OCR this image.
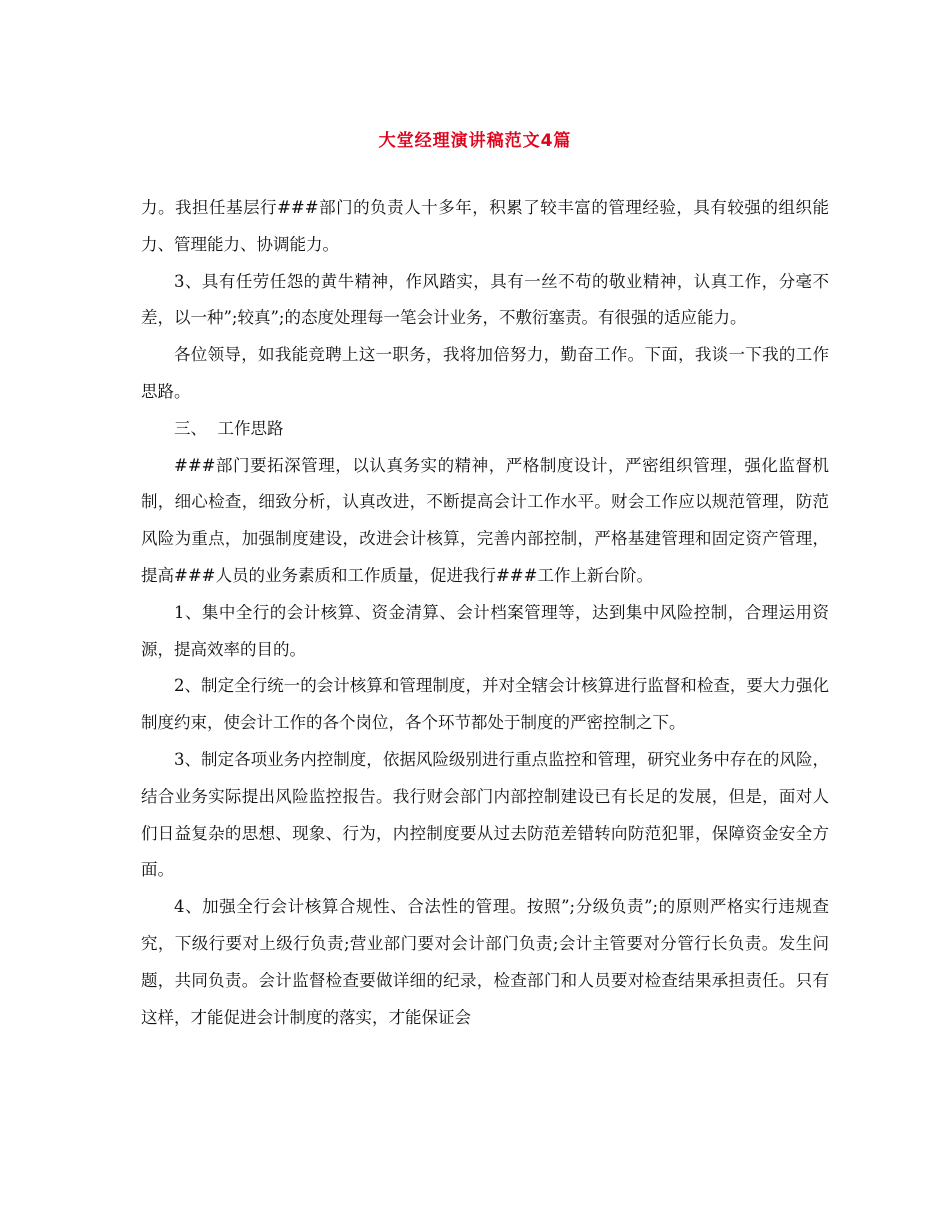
大堂经理演讲稿范文4篇

力。我担任基层行###部门的负责人十多年，积累了较丰富的管理经验，具有较强的组织能力、管理能力、协调能力。

3、具有任劳任怨的黄牛精神，作风踏实，具有一丝不苟的敬业精神，认真工作，分毫不差，以一种”;较真”;的态度处理每一笔会计业务，不敷衍塞责。有很强的适应能力。

各位领导，如我能竞聘上这一职务，我将加倍努力，勤奋工作。下面，我谈一下我的工作思路。

三、  工作思路

###部门要拓深管理，以认真务实的精神，严格制度设计，严密组织管理，强化监督机制，细心检查，细致分析，认真改进，不断提高会计工作水平。财会工作应以规范管理，防范风险为重点，加强制度建设，改进会计核算，完善内部控制，严格基建管理和固定资产管理，提高###人员的业务素质和工作质量，促进我行###工作上新台阶。

1、集中全行的会计核算、资金清算、会计档案管理等，达到集中风险控制，合理运用资源，提高效率的目的。

2、制定全行统一的会计核算和管理制度，并对全辖会计核算进行监督和检查，要大力强化制度约束，使会计工作的各个岗位，各个环节都处于制度的严密控制之下。

3、制定各项业务内控制度，依据风险级别进行重点监控和管理，研究业务中存在的风险，结合业务实际提出风险监控报告。我行财会部门内部控制建设已有长足的发展，但是，面对人们日益复杂的思想、现象、行为，内控制度要从过去防范差错转向防范犯罪，保障资金安全方面。

4、加强全行会计核算合规性、合法性的管理。按照”;分级负责”;的原则严格实行违规查究，下级行要对上级行负责;营业部门要对会计部门负责;会计主管要对分管行长负责。发生问题，共同负责。会计监督检查要做详细的纪录，检查部门和人员要对检查结果承担责任。只有这样，才能促进会计制度的落实，才能保证会
